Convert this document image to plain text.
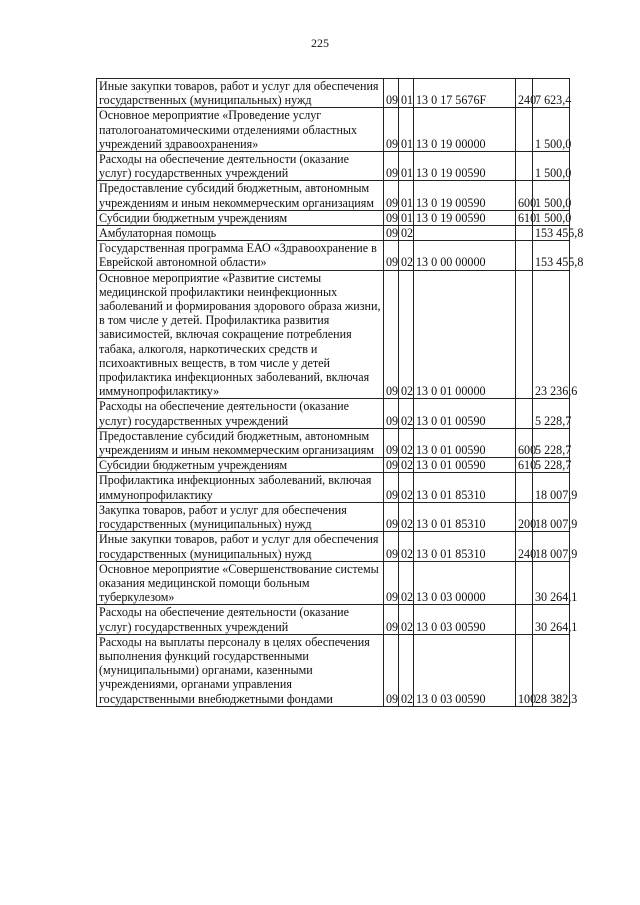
225
Иные закупки товаров, работ и услуг для обеспечения государственных (муниципальных) нужд	09	01	13 0 17 5676F	240	7 623,4
Основное мероприятие «Проведение услуг патологоанатомическими отделениями областных учреждений здравоохранения»	09	01	13 0 19 00000		1 500,0
Расходы на обеспечение деятельности (оказание услуг) государственных учреждений	09	01	13 0 19 00590		1 500,0
Предоставление субсидий бюджетным, автономным учреждениям и иным некоммерческим организациям	09	01	13 0 19 00590	600	1 500,0
Субсидии бюджетным учреждениям	09	01	13 0 19 00590	610	1 500,0
Амбулаторная помощь	09	02			153 455,8
Государственная программа ЕАО «Здравоохранение в Еврейской автономной области»	09	02	13 0 00 00000		153 455,8
Основное мероприятие «Развитие системы медицинской профилактики неинфекционных заболеваний и формирования здорового образа жизни, в том числе у детей. Профилактика развития зависимостей, включая сокращение потребления табака, алкоголя, наркотических средств и психоактивных веществ, в том числе у детей профилактика инфекционных заболеваний, включая иммунопрофилактику»	09	02	13 0 01 00000		23 236,6
Расходы на обеспечение деятельности (оказание услуг) государственных учреждений	09	02	13 0 01 00590		5 228,7
Предоставление субсидий бюджетным, автономным учреждениям и иным некоммерческим организациям	09	02	13 0 01 00590	600	5 228,7
Субсидии бюджетным учреждениям	09	02	13 0 01 00590	610	5 228,7
Профилактика инфекционных заболеваний, включая иммунопрофилактику	09	02	13 0 01 85310		18 007,9
Закупка товаров, работ и услуг для обеспечения государственных (муниципальных) нужд	09	02	13 0 01 85310	200	18 007,9
Иные закупки товаров, работ и услуг для обеспечения государственных (муниципальных) нужд	09	02	13 0 01 85310	240	18 007,9
Основное мероприятие «Совершенствование системы оказания медицинской помощи больным туберкулезом»	09	02	13 0 03 00000		30 264,1
Расходы на обеспечение деятельности (оказание услуг) государственных учреждений	09	02	13 0 03 00590		30 264,1
Расходы на выплаты персоналу в целях обеспечения выполнения функций государственными (муниципальными) органами, казенными учреждениями, органами управления государственными внебюджетными фондами	09	02	13 0 03 00590	100	28 382,3
